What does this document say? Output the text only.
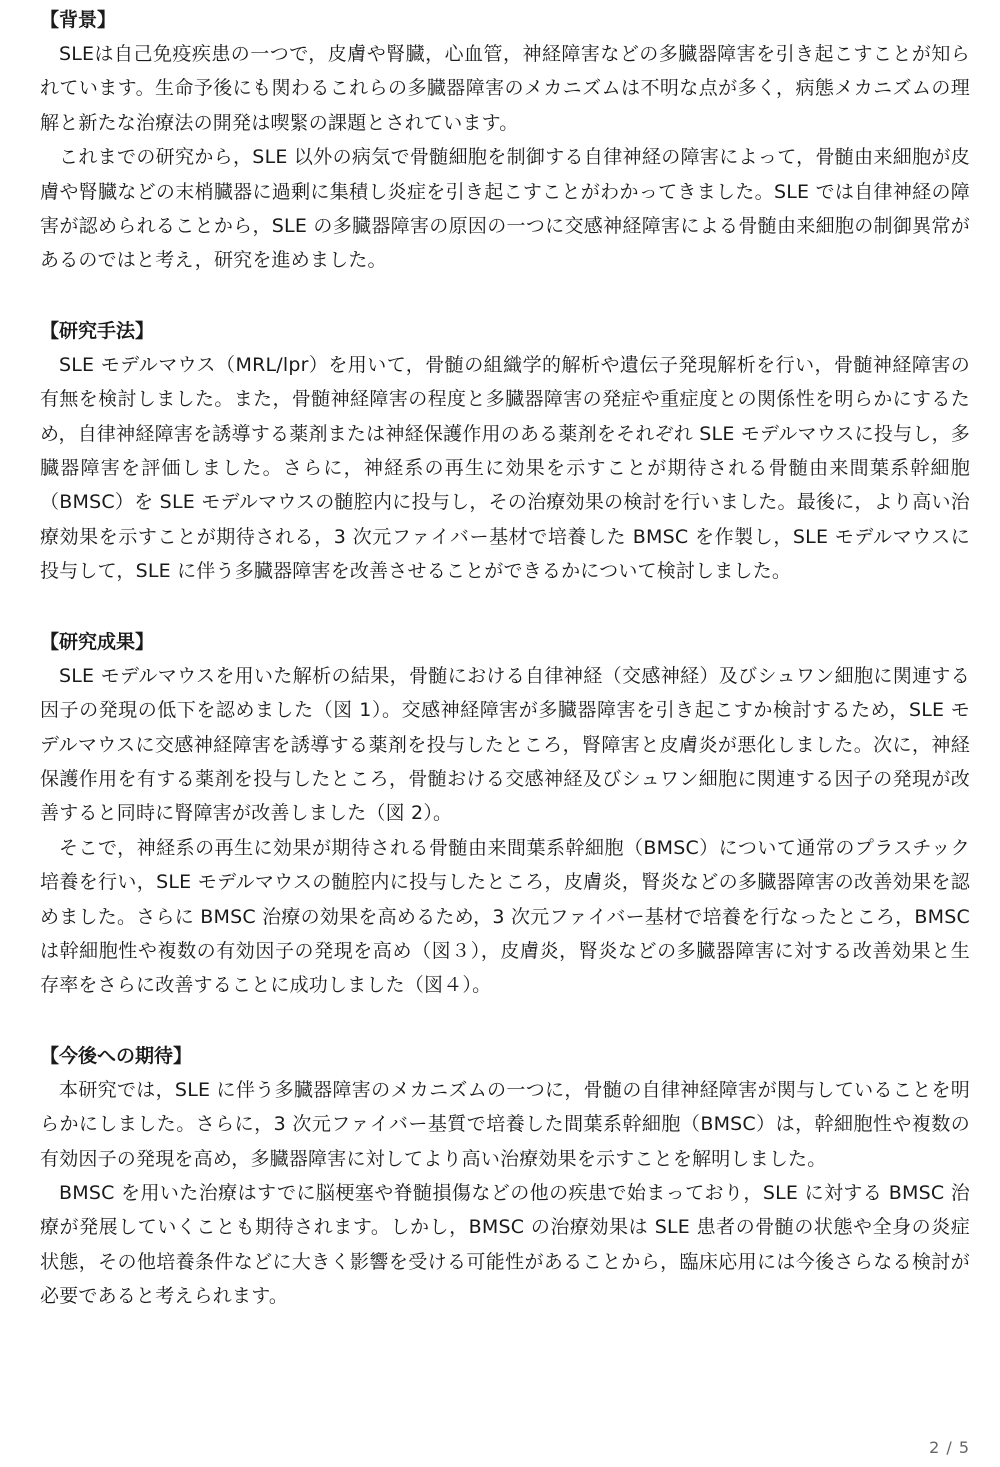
【背景】

SLEは自己免疫疾患の一つで，皮膚や腎臓，心血管，神経障害などの多臓器障害を引き起こすことが知られています。生命予後にも関わるこれらの多臓器障害のメカニズムは不明な点が多く，病態メカニズムの理解と新たな治療法の開発は喫緊の課題とされています。

これまでの研究から，SLE 以外の病気で骨髄細胞を制御する自律神経の障害によって，骨髄由来細胞が皮膚や腎臓などの末梢臓器に過剰に集積し炎症を引き起こすことがわかってきました。SLE では自律神経の障害が認められることから，SLE の多臓器障害の原因の一つに交感神経障害による骨髄由来細胞の制御異常があるのではと考え，研究を進めました。

【研究手法】

SLE モデルマウス（MRL/lpr）を用いて，骨髄の組織学的解析や遺伝子発現解析を行い，骨髄神経障害の有無を検討しました。また，骨髄神経障害の程度と多臓器障害の発症や重症度との関係性を明らかにするため，自律神経障害を誘導する薬剤または神経保護作用のある薬剤をそれぞれ SLE モデルマウスに投与し，多臓器障害を評価しました。さらに，神経系の再生に効果を示すことが期待される骨髄由来間葉系幹細胞（BMSC）を SLE モデルマウスの髄腔内に投与し，その治療効果の検討を行いました。最後に，より高い治療効果を示すことが期待される，3 次元ファイバー基材で培養した BMSC を作製し，SLE モデルマウスに投与して，SLE に伴う多臓器障害を改善させることができるかについて検討しました。

【研究成果】

SLE モデルマウスを用いた解析の結果，骨髄における自律神経（交感神経）及びシュワン細胞に関連する因子の発現の低下を認めました（図 1）。交感神経障害が多臓器障害を引き起こすか検討するため，SLE モデルマウスに交感神経障害を誘導する薬剤を投与したところ，腎障害と皮膚炎が悪化しました。次に，神経保護作用を有する薬剤を投与したところ，骨髄おける交感神経及びシュワン細胞に関連する因子の発現が改善すると同時に腎障害が改善しました（図 2）。

そこで，神経系の再生に効果が期待される骨髄由来間葉系幹細胞（BMSC）について通常のプラスチック培養を行い，SLE モデルマウスの髄腔内に投与したところ，皮膚炎，腎炎などの多臓器障害の改善効果を認めました。さらに BMSC 治療の効果を高めるため，3 次元ファイバー基材で培養を行なったところ，BMSC は幹細胞性や複数の有効因子の発現を高め（図３），皮膚炎，腎炎などの多臓器障害に対する改善効果と生存率をさらに改善することに成功しました（図４）。

【今後への期待】

本研究では，SLE に伴う多臓器障害のメカニズムの一つに，骨髄の自律神経障害が関与していることを明らかにしました。さらに，3 次元ファイバー基質で培養した間葉系幹細胞（BMSC）は，幹細胞性や複数の有効因子の発現を高め，多臓器障害に対してより高い治療効果を示すことを解明しました。

BMSC を用いた治療はすでに脳梗塞や脊髄損傷などの他の疾患で始まっており，SLE に対する BMSC 治療が発展していくことも期待されます。しかし，BMSC の治療効果は SLE 患者の骨髄の状態や全身の炎症状態，その他培養条件などに大きく影響を受ける可能性があることから，臨床応用には今後さらなる検討が必要であると考えられます。

2 / 5
